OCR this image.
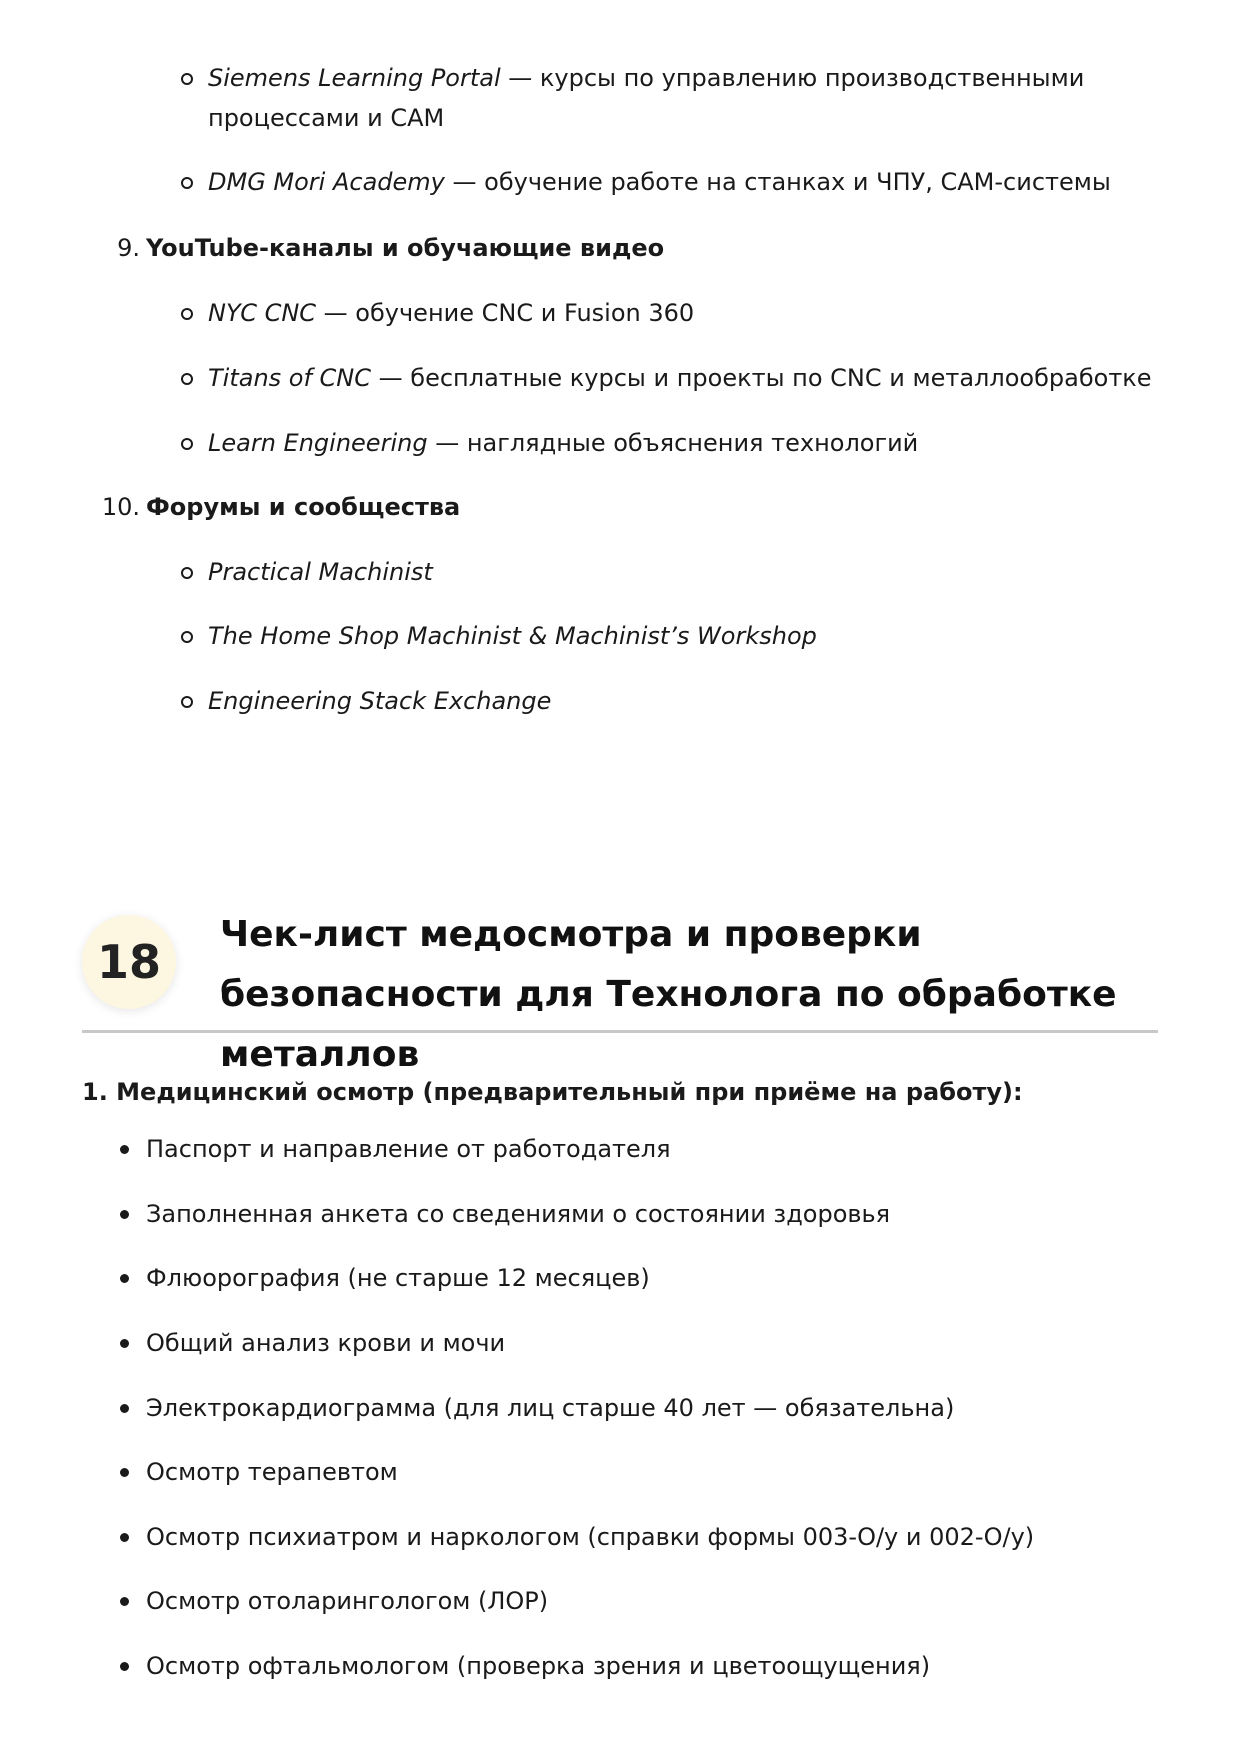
Siemens Learning Portal — курсы по управлению производственными процессами и CAM
DMG Mori Academy — обучение работе на станках и ЧПУ, CAM-системы
9. YouTube-каналы и обучающие видео
NYC CNC — обучение CNC и Fusion 360
Titans of CNC — бесплатные курсы и проекты по CNC и металлообработке
Learn Engineering — наглядные объяснения технологий
10. Форумы и сообщества
Practical Machinist
The Home Shop Machinist & Machinist’s Workshop
Engineering Stack Exchange
18
Чек-лист медосмотра и проверки безопасности для Технолога по обработке металлов
1. Медицинский осмотр (предварительный при приёме на работу):
Паспорт и направление от работодателя
Заполненная анкета со сведениями о состоянии здоровья
Флюорография (не старше 12 месяцев)
Общий анализ крови и мочи
Электрокардиограмма (для лиц старше 40 лет — обязательна)
Осмотр терапевтом
Осмотр психиатром и наркологом (справки формы 003-О/у и 002-О/у)
Осмотр отоларингологом (ЛОР)
Осмотр офтальмологом (проверка зрения и цветоощущения)
